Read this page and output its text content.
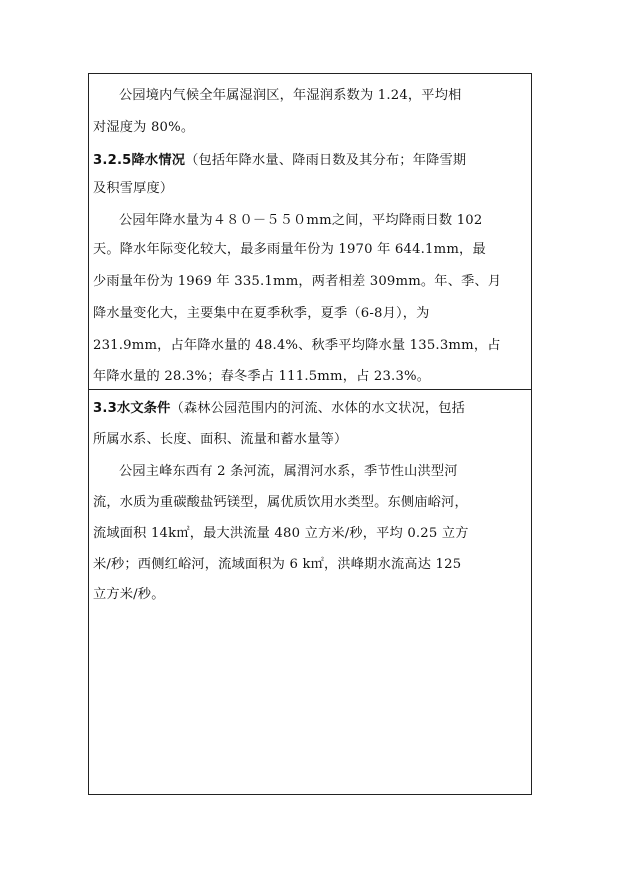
公园境内气候全年属湿润区，年湿润系数为 1.24，平均相
对湿度为 80%。
3.2.5降水情况（包括年降水量、降雨日数及其分布；年降雪期
及积雪厚度）
公园年降水量为４８０－５５０mm之间，平均降雨日数 102
天。降水年际变化较大，最多雨量年份为 1970 年 644.1mm，最
少雨量年份为 1969 年 335.1mm，两者相差 309mm。年、季、月
降水量变化大，主要集中在夏季秋季，夏季（6-8月），为
231.9mm，占年降水量的 48.4%、秋季平均降水量 135.3mm，占
年降水量的 28.3%；春冬季占 111.5mm，占 23.3%。
3.3水文条件（森林公园范围内的河流、水体的水文状况，包括
所属水系、长度、面积、流量和蓄水量等）
公园主峰东西有 2 条河流，属渭河水系，季节性山洪型河
流，水质为重碳酸盐钙镁型，属优质饮用水类型。东侧庙峪河，
流域面积 14k㎡，最大洪流量 480 立方米/秒，平均 0.25 立方
米/秒；西侧红峪河，流域面积为 6 k㎡，洪峰期水流高达 125
立方米/秒。
